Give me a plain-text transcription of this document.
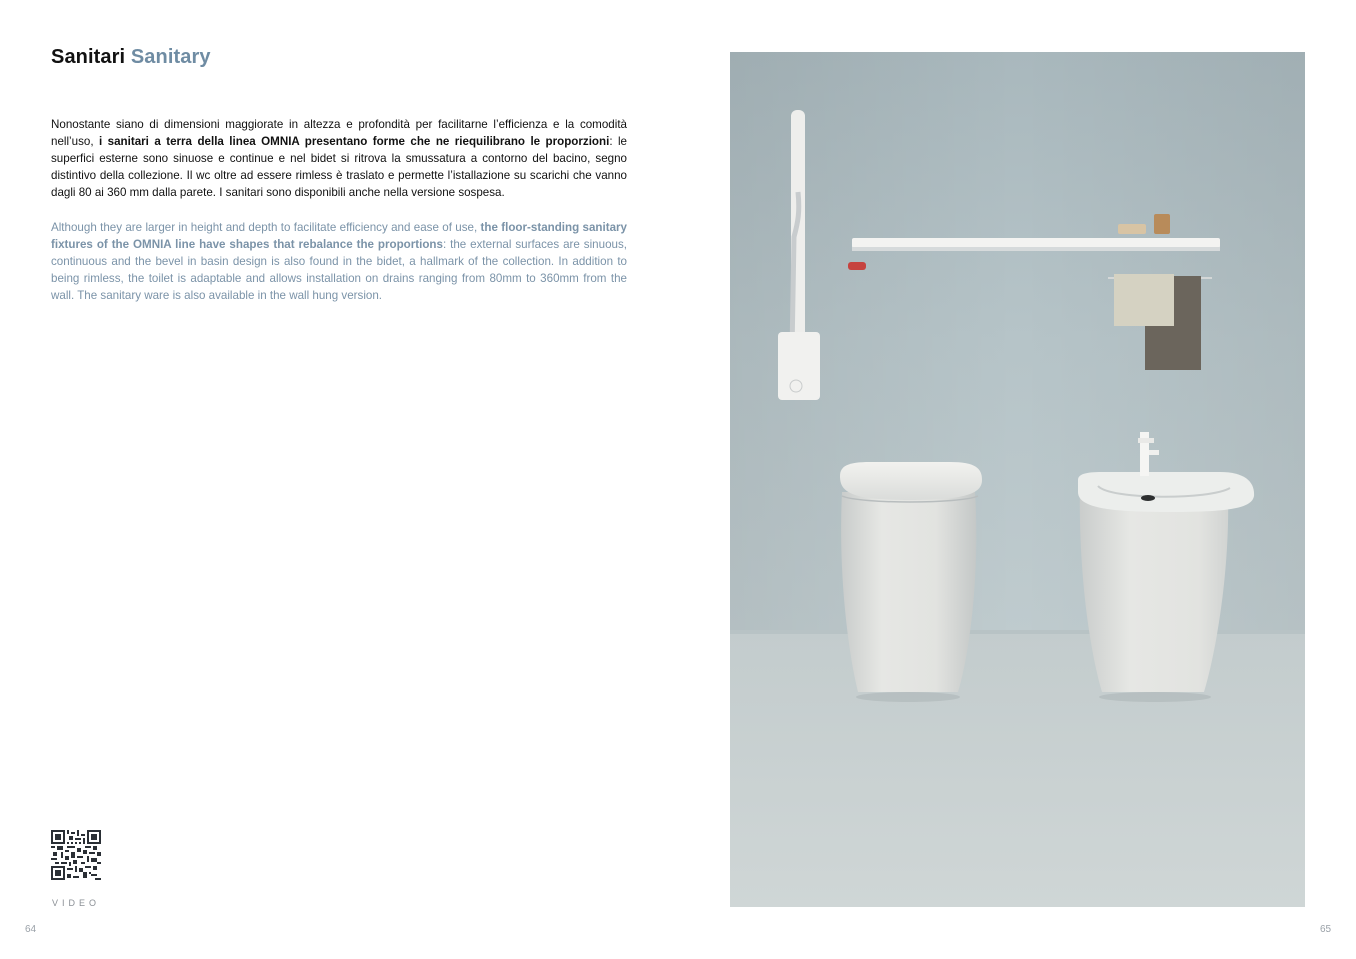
Sanitari Sanitary

Nonostante siano di dimensioni maggiorate in altezza e profondità per facilitarne l’efficienza e la comodità nell’uso, i sanitari a terra della linea OMNIA presentano forme che ne riequilibrano le proporzioni: le superfici esterne sono sinuose e continue e nel bidet si ritrova la smussatura a contorno del bacino, segno distintivo della collezione. Il wc oltre ad essere rimless è traslato e permette l’istallazione su scarichi che vanno dagli 80 ai 360 mm dalla parete. I sanitari sono disponibili anche nella versione sospesa.

Although they are larger in height and depth to facilitate efficiency and ease of use, the floor-standing sanitary fixtures of the OMNIA line have shapes that rebalance the proportions: the external surfaces are sinuous, continuous and the bevel in basin design is also found in the bidet, a hallmark of the collection. In addition to being rimless, the toilet is adaptable and allows installation on drains ranging from 80mm to 360mm from the wall. The sanitary ware is also available in the wall hung version.

VIDEO
64	65
